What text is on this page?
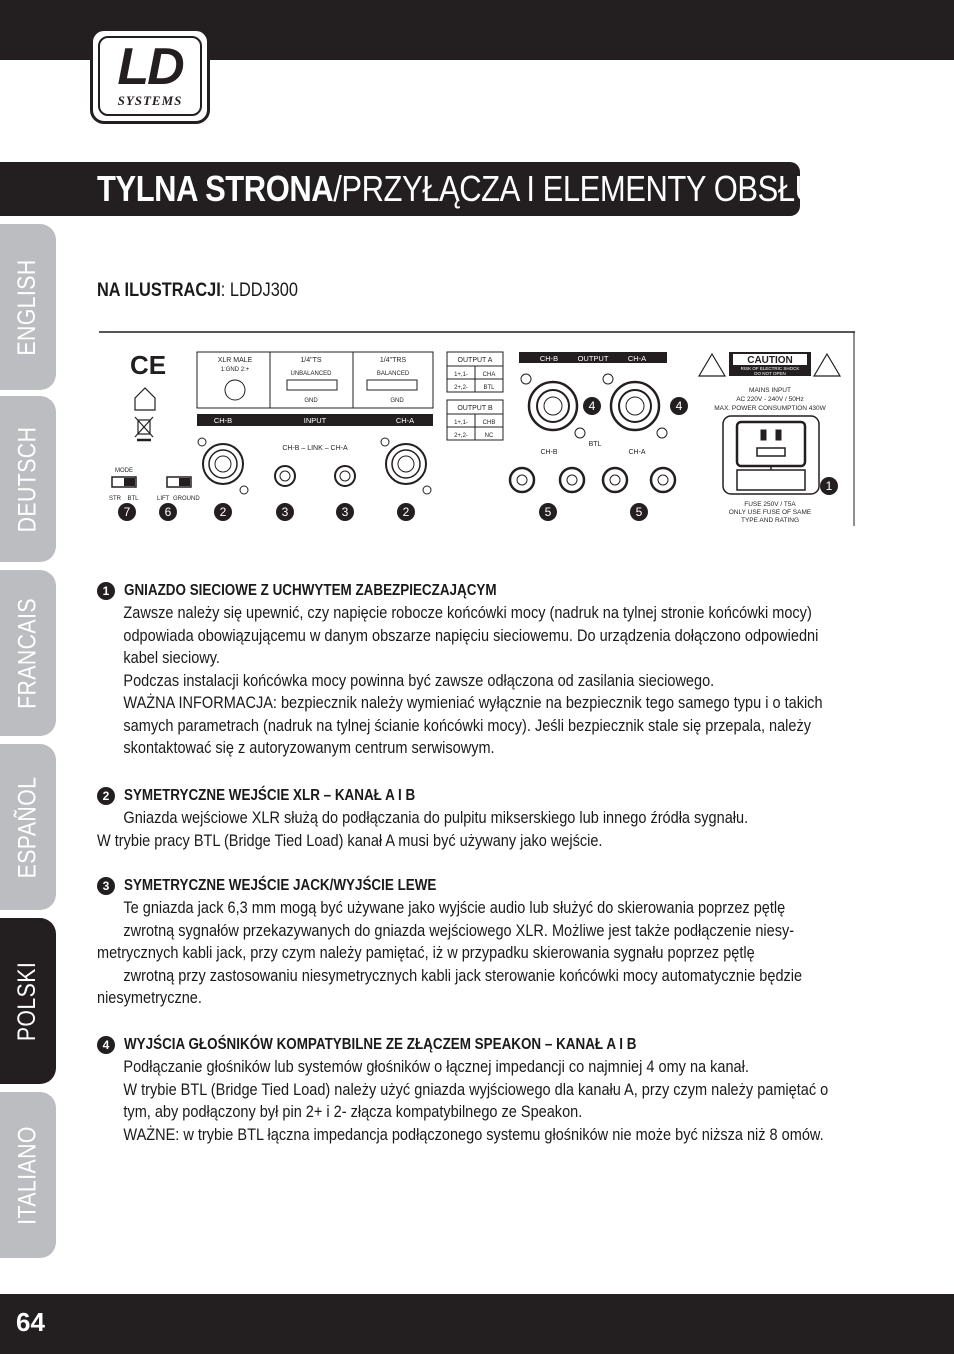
LD
SYSTEMS
TYLNA STRONA/PRZYŁĄCZA I ELEMENTY OBSŁUGI:
ENGLISH
DEUTSCH
FRANCAIS
ESPAÑOL
POLSKI
ITALIANO
NA ILUSTRACJI: LDDJ300
CE	XLR MALE
1:GND 2:+
1/4"TS
UNBALANCED
GND
1/4"TRS
BALANCED
GND
CH-B	INPUT	CH-A
CH-B – LINK – CH-A
MODE
STR BTL	LIFT GROUND
OUTPUT A
1+,1- CHA
2+,2-	BTL
OUTPUT B
1+,1- CHB
2+,2-	NC
CH-B	OUTPUT	CH-A
BTL
CH-B	CH-A
CAUTION
RISK OF ELECTRIC SHOCK
DO NOT OPEN
MAINS INPUT
AC 220V - 240V / 50Hz
MAX. POWER CONSUMPTION 430W
FUSE 250V / T5A
ONLY USE FUSE OF SAME
TYPE AND RATING
1
2	2
3	3
4	4
5	5
6
7
1 GNIAZDO SIECIOWE Z UCHWYTEM ZABEZPIECZAJĄCYM

Zawsze należy się upewnić, czy napięcie robocze końcówki mocy (nadruk na tylnej stronie końcówki mocy)

odpowiada obowiązującemu w danym obszarze napięciu sieciowemu. Do urządzenia dołączono odpowiedni

kabel sieciowy.

Podczas instalacji końcówka mocy powinna być zawsze odłączona od zasilania sieciowego.

WAŻNA INFORMACJA: bezpiecznik należy wymieniać wyłącznie na bezpiecznik tego samego typu i o takich

samych parametrach (nadruk na tylnej ścianie końcówki mocy). Jeśli bezpiecznik stale się przepala, należy

skontaktować się z autoryzowanym centrum serwisowym.

2 SYMETRYCZNE WEJŚCIE XLR – KANAŁ A I B

Gniazda wejściowe XLR służą do podłączania do pulpitu mikserskiego lub innego źródła sygnału.

W trybie pracy BTL (Bridge Tied Load) kanał A musi być używany jako wejście.

3 SYMETRYCZNE WEJŚCIE JACK/WYJŚCIE LEWE

Te gniazda jack 6,3 mm mogą być używane jako wyjście audio lub służyć do skierowania poprzez pętlę

zwrotną sygnałów przekazywanych do gniazda wejściowego XLR. Możliwe jest także podłączenie niesy-

metrycznych kabli jack, przy czym należy pamiętać, iż w przypadku skierowania sygnału poprzez pętlę

zwrotną przy zastosowaniu niesymetrycznych kabli jack sterowanie końcówki mocy automatycznie będzie

niesymetryczne.

4 WYJŚCIA GŁOŚNIKÓW KOMPATYBILNE ZE ZŁĄCZEM SPEAKON – KANAŁ A I B

Podłączanie głośników lub systemów głośników o łącznej impedancji co najmniej 4 omy na kanał.

W trybie BTL (Bridge Tied Load) należy użyć gniazda wyjściowego dla kanału A, przy czym należy pamiętać o

tym, aby podłączony był pin 2+ i 2- złącza kompatybilnego ze Speakon.

WAŻNE: w trybie BTL łączna impedancja podłączonego systemu głośników nie może być niższa niż 8 omów.

64
